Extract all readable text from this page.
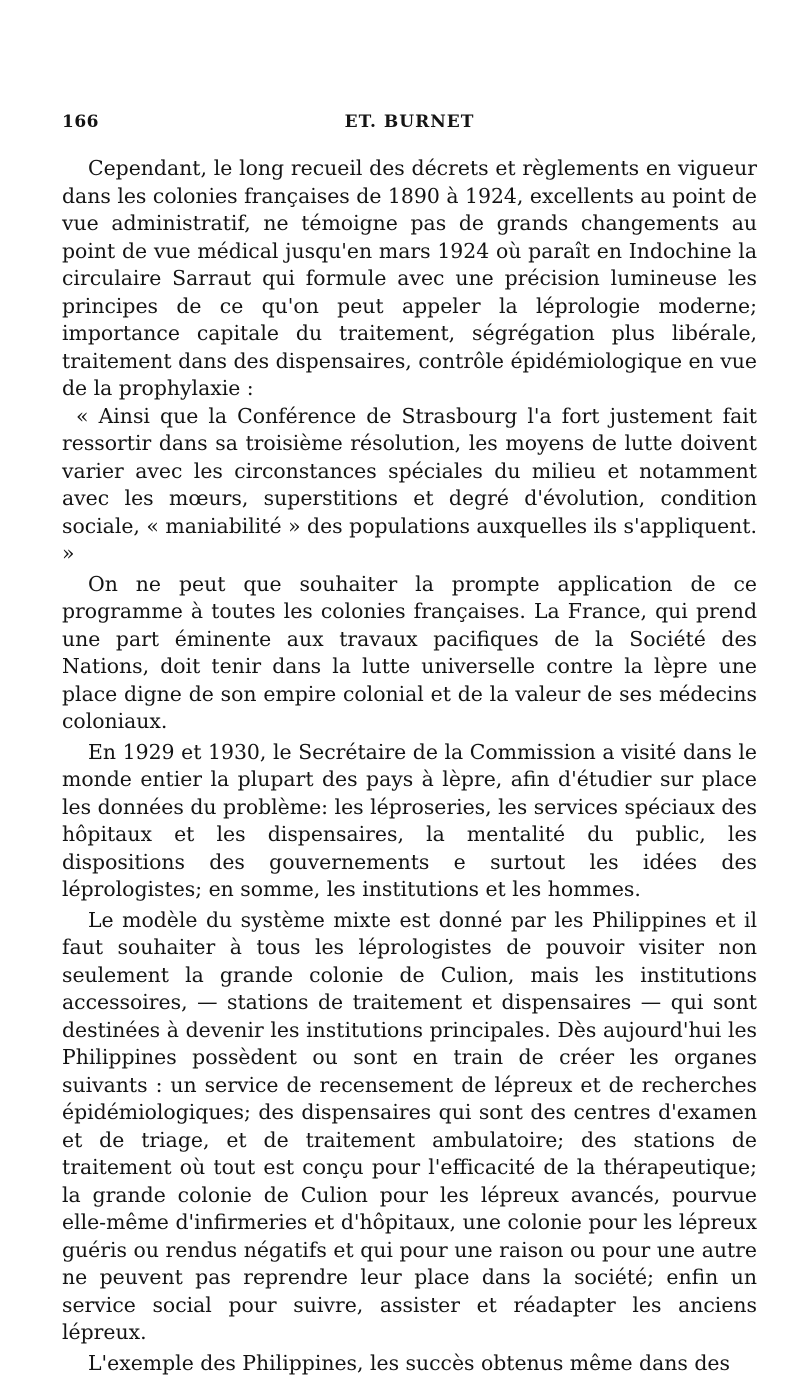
166	ET. BURNET

Cependant, le long recueil des décrets et règlements en vigueur dans les colonies françaises de 1890 à 1924, excellents au point de vue administratif, ne témoigne pas de grands changements au point de vue médical jusqu'en mars 1924 où paraît en Indochine la circulaire Sarraut qui formule avec une précision lumineuse les principes de ce qu'on peut appeler la léprologie moderne; importance capitale du traitement, ségrégation plus libérale, traitement dans des dispensaires, contrôle épidémiologique en vue de la prophylaxie :

« Ainsi que la Conférence de Strasbourg l'a fort justement fait ressortir dans sa troisième résolution, les moyens de lutte doivent varier avec les circonstances spéciales du milieu et notamment avec les mœurs, superstitions et degré d'évolution, condition sociale, « maniabilité » des populations auxquelles ils s'appliquent. »

On ne peut que souhaiter la prompte application de ce programme à toutes les colonies françaises. La France, qui prend une part éminente aux travaux pacifiques de la Société des Nations, doit tenir dans la lutte universelle contre la lèpre une place digne de son empire colonial et de la valeur de ses médecins coloniaux.

En 1929 et 1930, le Secrétaire de la Commission a visité dans le monde entier la plupart des pays à lèpre, afin d'étudier sur place les données du problème: les léproseries, les services spéciaux des hôpitaux et les dispensaires, la mentalité du public, les dispositions des gouvernements e surtout les idées des léprologistes; en somme, les institutions et les hommes.

Le modèle du système mixte est donné par les Philippines et il faut souhaiter à tous les léprologistes de pouvoir visiter non seulement la grande colonie de Culion, mais les institutions accessoires, — stations de traitement et dispensaires — qui sont destinées à devenir les institutions principales. Dès aujourd'hui les Philippines possèdent ou sont en train de créer les organes suivants : un service de recensement de lépreux et de recherches épidémiologiques; des dispensaires qui sont des centres d'examen et de triage, et de traitement ambulatoire; des stations de traitement où tout est conçu pour l'efficacité de la thérapeutique; la grande colonie de Culion pour les lépreux avancés, pourvue elle-même d'infirmeries et d'hôpitaux, une colonie pour les lépreux guéris ou rendus négatifs et qui pour une raison ou pour une autre ne peuvent pas reprendre leur place dans la société; enfin un service social pour suivre, assister et réadapter les anciens lépreux.

L'exemple des Philippines, les succès obtenus même dans des
